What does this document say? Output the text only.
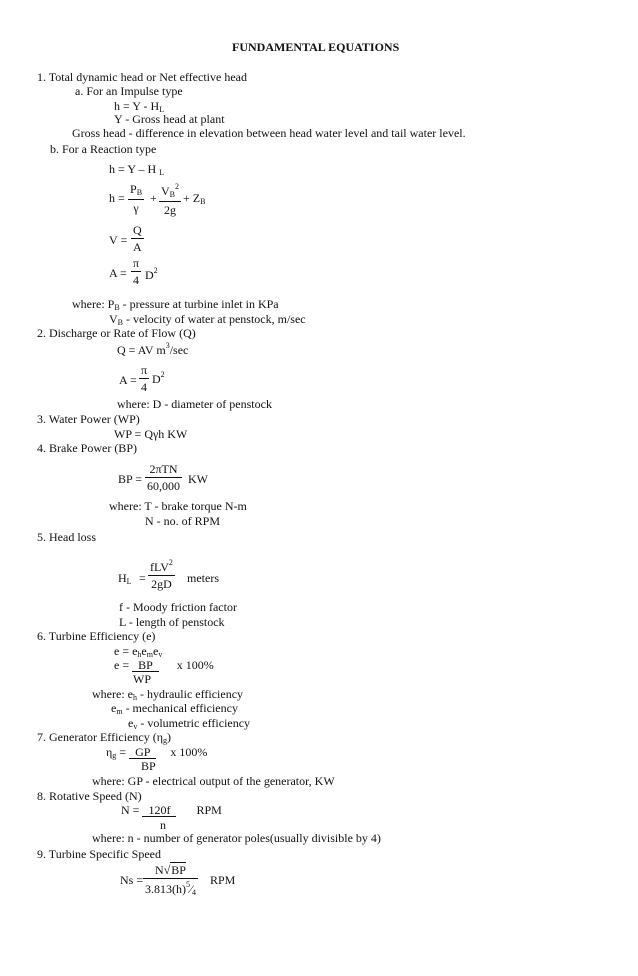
FUNDAMENTAL EQUATIONS
1. Total dynamic head or Net effective head
a. For an Impulse type
$h = Y - H_L$
Y - Gross head at plant
Gross head - difference in elevation between head water level and tail water level.
b. For a Reaction type
h = Y – H $_L$
$h = \frac{P_B}{\gamma} + \frac{V_B^2}{2g} + Z_B$
$V = \frac{Q}{A}$
$A = \frac{\pi}{4} D^2$
where: $P_B$ - pressure at turbine inlet in KPa
$V_B$ - velocity of water at penstock, m/sec
2. Discharge or Rate of Flow (Q)
Q = AV $m^3/\sec$
$A = \frac{\pi}{4} D^2$
where: D - diameter of penstock
3. Water Power (WP)
WP = Qγh KW
4. Brake Power (BP)
BP =
2πTN
60,000 KW
where: T - brake torque N-m
N - no. of RPM
5. Head loss
$H_L$ =
fLV$^2$
2gD meters
f - Moody friction factor
L - length of penstock
6. Turbine Efficiency (e)
$e = e_he_me_v$
e = BP x 100%
WP
where: $e_h$ - hydraulic efficiency
$e_m$ - mechanical efficiency
$e_v$ - volumetric efficiency
7. Generator Efficiency $(\eta_g)$
$\eta_g$ = GP x 100%
BP
where: GP - electrical output of the generator, KW
8. Rotative Speed (N)
N = 120f RPM
n
where: n - number of generator poles(usually divisible by 4)
9. Turbine Specific Speed
$Ns = \frac{N√BP}{3.813(h)^5⁄_4}$ RPM
